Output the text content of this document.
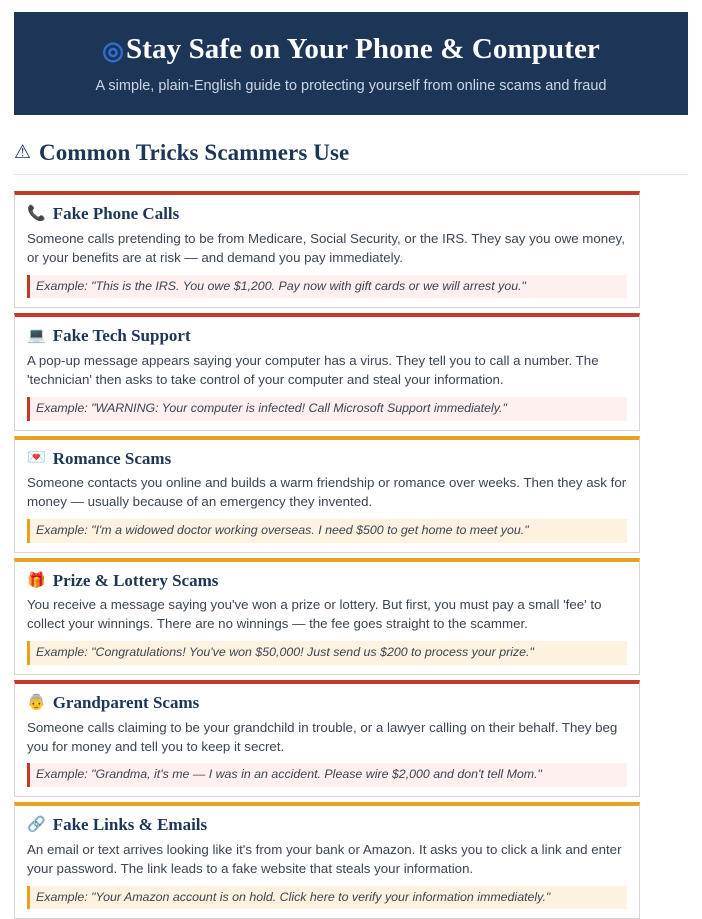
◎Stay Safe on Your Phone & Computer
A simple, plain-English guide to protecting yourself from online scams and fraud
⚠ Common Tricks Scammers Use
📞 Fake Phone Calls
Someone calls pretending to be from Medicare, Social Security, or the IRS. They say you owe money, or your benefits are at risk — and demand you pay immediately.
Example: "This is the IRS. You owe $1,200. Pay now with gift cards or we will arrest you."
💻 Fake Tech Support
A pop-up message appears saying your computer has a virus. They tell you to call a number. The 'technician' then asks to take control of your computer and steal your information.
Example: "WARNING: Your computer is infected! Call Microsoft Support immediately."
💌 Romance Scams
Someone contacts you online and builds a warm friendship or romance over weeks. Then they ask for money — usually because of an emergency they invented.
Example: "I'm a widowed doctor working overseas. I need $500 to get home to meet you."
🎁 Prize & Lottery Scams
You receive a message saying you've won a prize or lottery. But first, you must pay a small 'fee' to collect your winnings. There are no winnings — the fee goes straight to the scammer.
Example: "Congratulations! You've won $50,000! Just send us $200 to process your prize."
👵 Grandparent Scams
Someone calls claiming to be your grandchild in trouble, or a lawyer calling on their behalf. They beg you for money and tell you to keep it secret.
Example: "Grandma, it's me — I was in an accident. Please wire $2,000 and don't tell Mom."
🔗 Fake Links & Emails
An email or text arrives looking like it's from your bank or Amazon. It asks you to click a link and enter your password. The link leads to a fake website that steals your information.
Example: "Your Amazon account is on hold. Click here to verify your information immediately."
